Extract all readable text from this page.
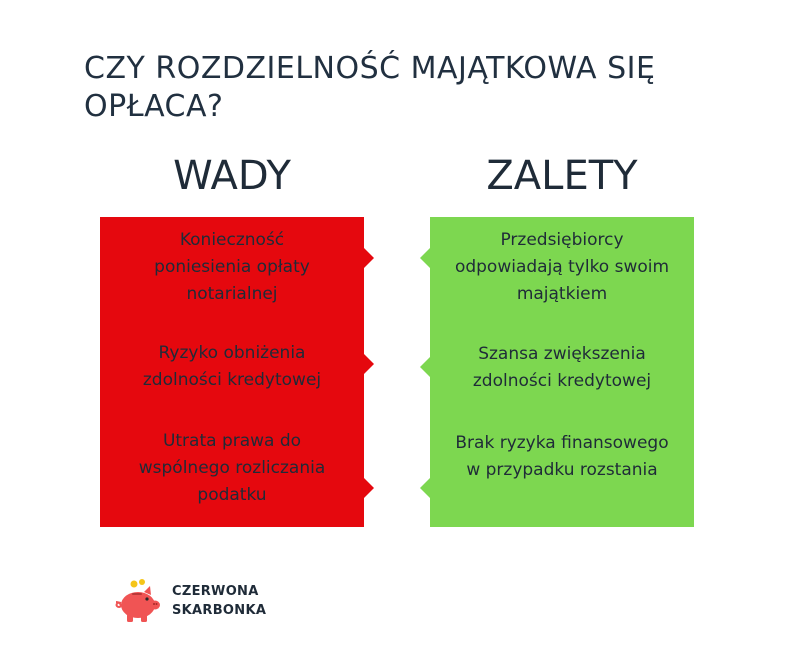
CZY ROZDZIELNOŚĆ MAJĄTKOWA SIĘ OPŁACA?
WADY	ZALETY
Konieczność poniesienia opłaty notarialnej
Ryzyko obniżenia zdolności kredytowej
Utrata prawa do wspólnego rozliczania podatku
Przedsiębiorcy odpowiadają tylko swoim majątkiem
Szansa zwiększenia zdolności kredytowej
Brak ryzyka finansowego w przypadku rozstania
CZERWONA
SKARBONKA
